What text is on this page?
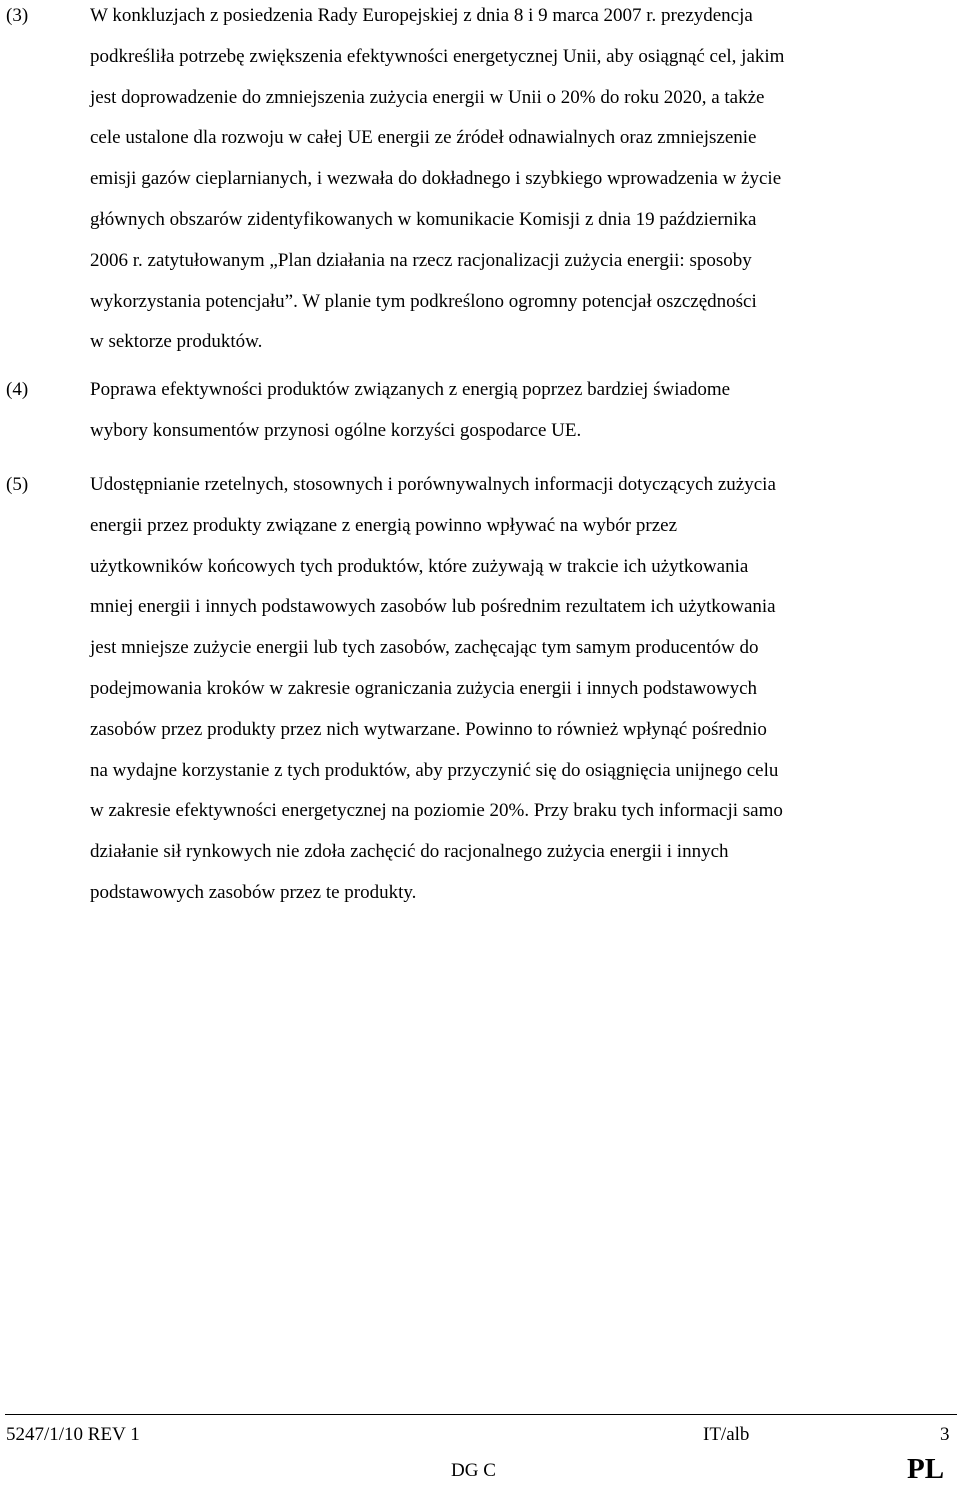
(3)	W konkluzjach z posiedzenia Rady Europejskiej z dnia 8 i 9 marca 2007 r. prezydencja
podkreśliła potrzebę zwiększenia efektywności energetycznej Unii, aby osiągnąć cel, jakim
jest doprowadzenie do zmniejszenia zużycia energii w Unii o 20% do roku 2020, a także
cele ustalone dla rozwoju w całej UE energii ze źródeł odnawialnych oraz zmniejszenie
emisji gazów cieplarnianych, i wezwała do dokładnego i szybkiego wprowadzenia w życie
głównych obszarów zidentyfikowanych w komunikacie Komisji z dnia 19 października
2006 r. zatytułowanym „Plan działania na rzecz racjonalizacji zużycia energii: sposoby
wykorzystania potencjału”. W planie tym podkreślono ogromny potencjał oszczędności
w sektorze produktów.
(4)	Poprawa efektywności produktów związanych z energią poprzez bardziej świadome
wybory konsumentów przynosi ogólne korzyści gospodarce UE.
(5)	Udostępnianie rzetelnych, stosownych i porównywalnych informacji dotyczących zużycia
energii przez produkty związane z energią powinno wpływać na wybór przez
użytkowników końcowych tych produktów, które zużywają w trakcie ich użytkowania
mniej energii i innych podstawowych zasobów lub pośrednim rezultatem ich użytkowania
jest mniejsze zużycie energii lub tych zasobów, zachęcając tym samym producentów do
podejmowania kroków w zakresie ograniczania zużycia energii i innych podstawowych
zasobów przez produkty przez nich wytwarzane. Powinno to również wpłynąć pośrednio
na wydajne korzystanie z tych produktów, aby przyczynić się do osiągnięcia unijnego celu
w zakresie efektywności energetycznej na poziomie 20%. Przy braku tych informacji samo
działanie sił rynkowych nie zdoła zachęcić do racjonalnego zużycia energii i innych
podstawowych zasobów przez te produkty.
5247/1/10 REV 1	IT/alb	3
DG C	PL
